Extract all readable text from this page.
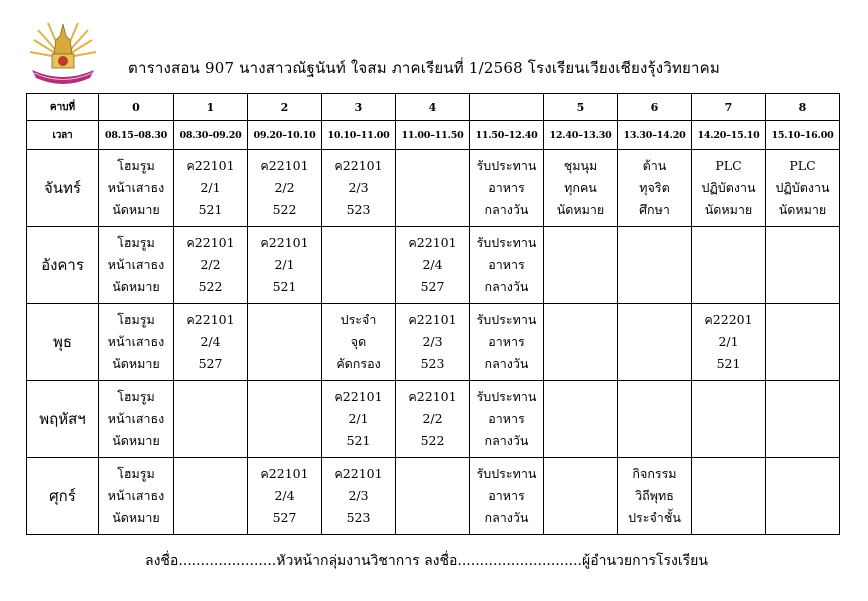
ตารางสอน 907 นางสาวณัฐนันท์ ใจสม ภาคเรียนที่ 1/2568 โรงเรียนเวียงเชียงรุ้งวิทยาคม
คาบที่	0	1	2	3	4		5	6	7	8
เวลา	08.15–08.30	08.30–09.20	09.20–10.10	10.10–11.00	11.00–11.50	11.50–12.40	12.40–13.30	13.30–14.20	14.20–15.10	15.10–16.00
จันทร์	โฮมรูม
หน้าเสาธง
นัดหมาย	ค22101
2/1
521	ค22101
2/2
522	ค22101
2/3
523		รับประทาน
อาหาร
กลางวัน	ชุมนุม
ทุกคน
นัดหมาย	ต้าน
ทุจริต
ศึกษา	PLC
ปฏิบัตงาน
นัดหมาย	PLC
ปฏิบัตงาน
นัดหมาย

อังคาร	โฮมรูม
หน้าเสาธง
นัดหมาย	ค22101
2/2
522	ค22101
2/1
521		ค22101
2/4
527	รับประทาน
อาหาร
กลางวัน				

พุธ	โฮมรูม
หน้าเสาธง
นัดหมาย	ค22101
2/4
527		ประจำ
จุด
คัดกรอง	ค22101
2/3
523	รับประทาน
อาหาร
กลางวัน			ค22201
2/1
521	

พฤหัสฯ	โฮมรูม
หน้าเสาธง
นัดหมาย			ค22101
2/1
521	ค22101
2/2
522	รับประทาน
อาหาร
กลางวัน				

ศุกร์	โฮมรูม
หน้าเสาธง
นัดหมาย		ค22101
2/4
527	ค22101
2/3
523		รับประทาน
อาหาร
กลางวัน		กิจกรรม
วิถีพุทธ
ประจำชั้น		

ลงชื่อ......................หัวหน้ากลุ่มงานวิชาการ ลงชื่อ............................ผู้อำนวยการโรงเรียน
